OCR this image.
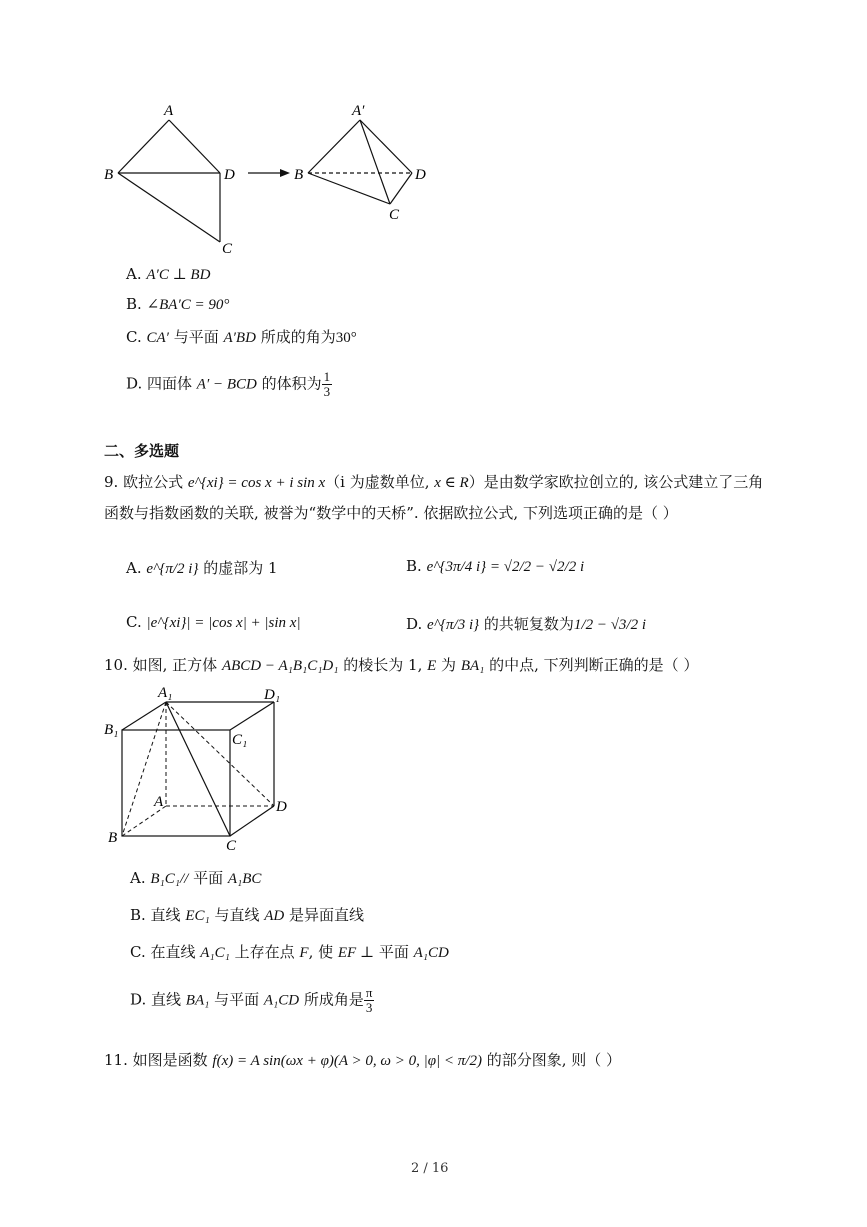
A
B	D
C
A′
B	D
C
A. A′C ⊥ BD
B. ∠BA′C = 90°
C. CA′ 与平面 A′BD 所成的角为30°
D. 四面体 A′ − BCD 的体积为 $\frac{1}{3}$
二、多选题
9. 欧拉公式 e^{xi} = cos x + i sin x（i 为虚数单位, x ∈ R）是由数学家欧拉创立的, 该公式建立了三角
函数与指数函数的关联, 被誉为“数学中的天桥”. 依据欧拉公式, 下列选项正确的是（ ）
A. e^{π/2 i} 的虚部为 1	B. e^{3π/4 i} = √2/2 − √2/2 i
C. |e^{xi}| = |cos x| + |sin x|	D. e^{π/3 i} 的共轭复数为1/2 − √3/2 i
10. 如图, 正方体 ABCD − A₁B₁C₁D₁ 的棱长为 1, E 为 BA₁ 的中点, 下列判断正确的是（ ）
A₁	D₁
B₁
C₁
A	D
B	C
A. B₁C₁// 平面 A₁BC
B. 直线 EC₁ 与直线 AD 是异面直线
C. 在直线 A₁C₁ 上存在点 F, 使 EF ⊥ 平面 A₁CD
D. 直线 BA₁ 与平面 A₁CD 所成角是 $\frac{\pi}{3}$
11. 如图是函数 f(x) = A sin(ωx + φ)(A > 0, ω > 0, |φ| < π/2) 的部分图象, 则（ ）
2 / 16
